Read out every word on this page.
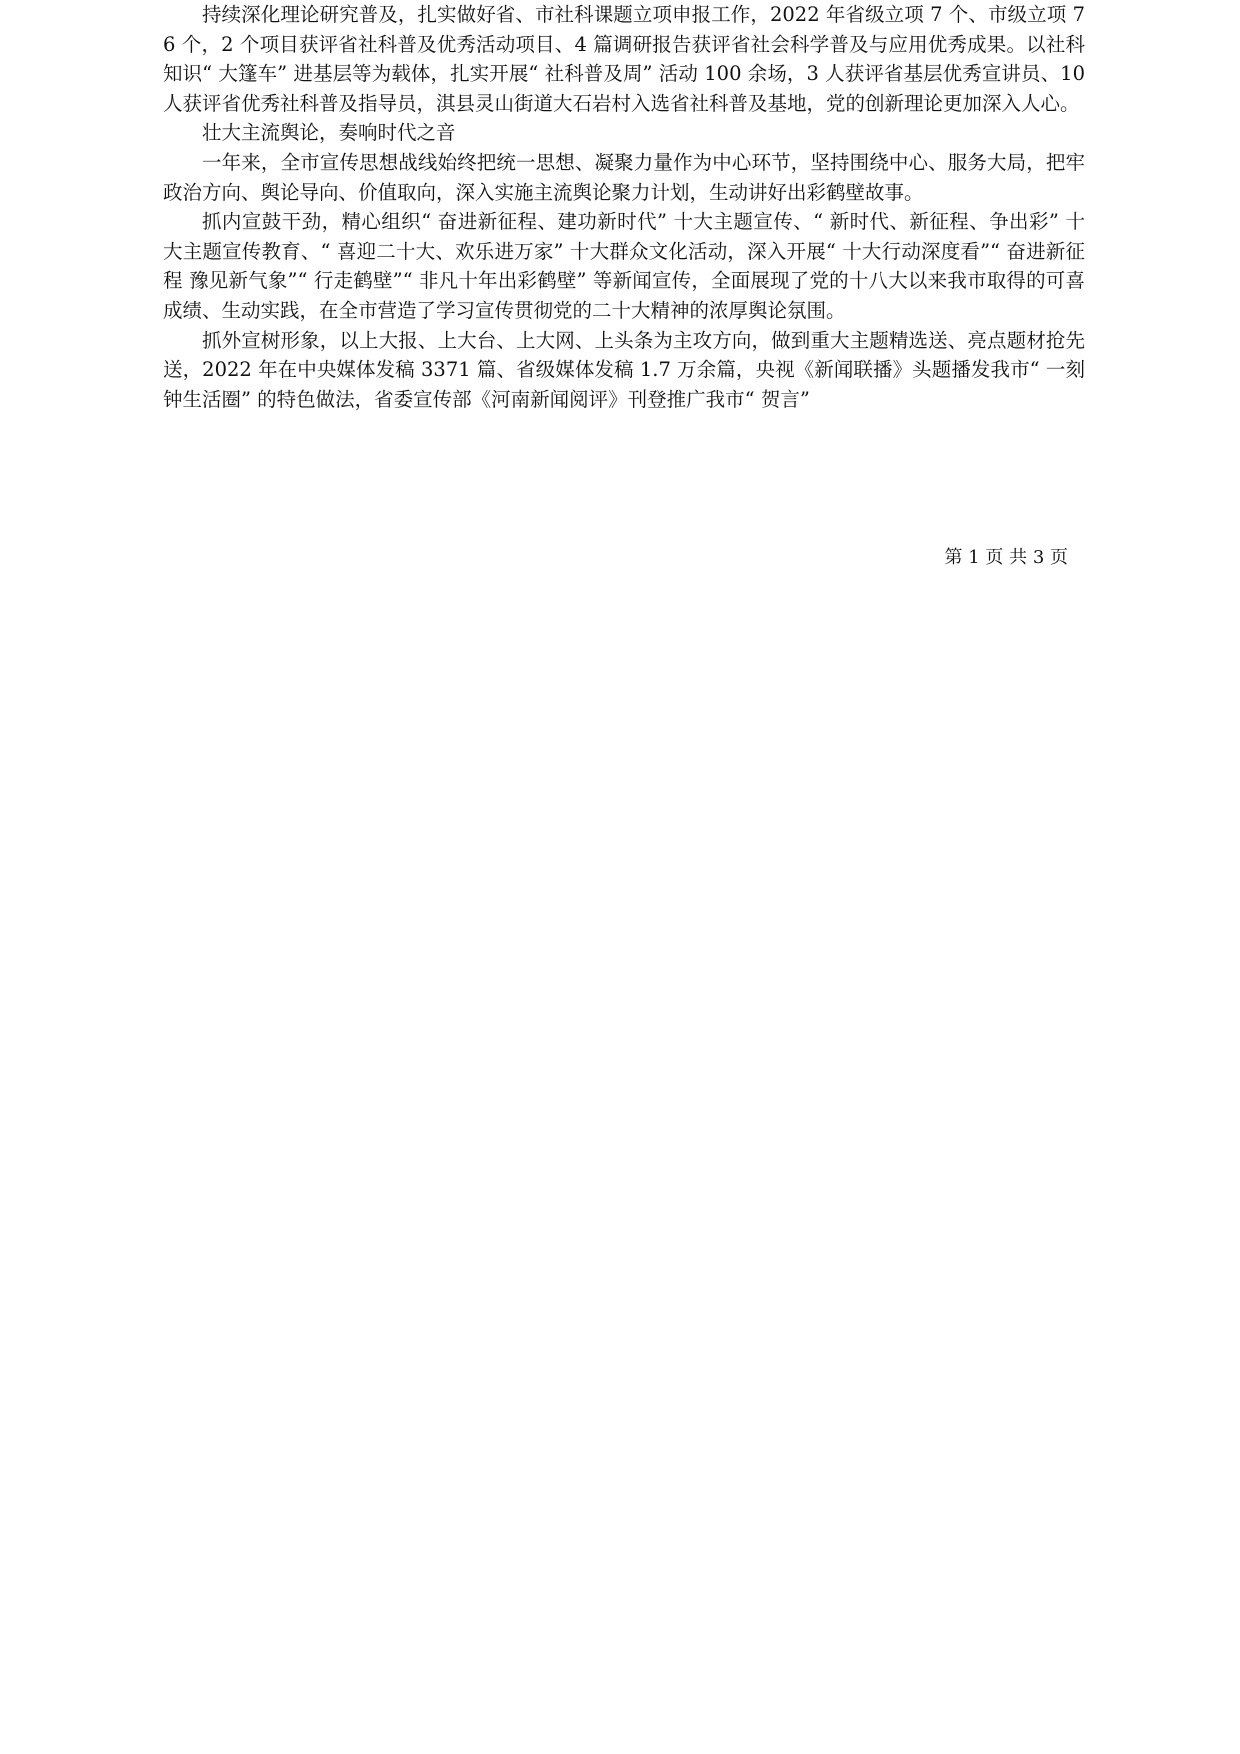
持续深化理论研究普及，扎实做好省、市社科课题立项申报工作，2022 年省级立项 7 个、市级立项 76 个，2 个项目获评省社科普及优秀活动项目、4 篇调研报告获评省社会科学普及与应用优秀成果。以社科知识“ 大篷车” 进基层等为载体，扎实开展“ 社科普及周” 活动 100 余场，3 人获评省基层优秀宣讲员、10 人获评省优秀社科普及指导员，淇县灵山街道大石岩村入选省社科普及基地，党的创新理论更加深入人心。

壮大主流舆论，奏响时代之音

一年来，全市宣传思想战线始终把统一思想、凝聚力量作为中心环节，坚持围绕中心、服务大局，把牢政治方向、舆论导向、价值取向，深入实施主流舆论聚力计划，生动讲好出彩鹤壁故事。

抓内宣鼓干劲，精心组织“ 奋进新征程、建功新时代” 十大主题宣传、“ 新时代、新征程、争出彩” 十大主题宣传教育、“ 喜迎二十大、欢乐进万家” 十大群众文化活动，深入开展“ 十大行动深度看”“ 奋进新征程 豫见新气象”“ 行走鹤壁”“ 非凡十年出彩鹤壁” 等新闻宣传，全面展现了党的十八大以来我市取得的可喜成绩、生动实践，在全市营造了学习宣传贯彻党的二十大精神的浓厚舆论氛围。

抓外宣树形象，以上大报、上大台、上大网、上头条为主攻方向，做到重大主题精选送、亮点题材抢先送，2022 年在中央媒体发稿 3371 篇、省级媒体发稿 1.7 万余篇，央视《新闻联播》头题播发我市“ 一刻钟生活圈” 的特色做法，省委宣传部《河南新闻阅评》刊登推广我市“ 贺言”

第 1 页 共 3 页
